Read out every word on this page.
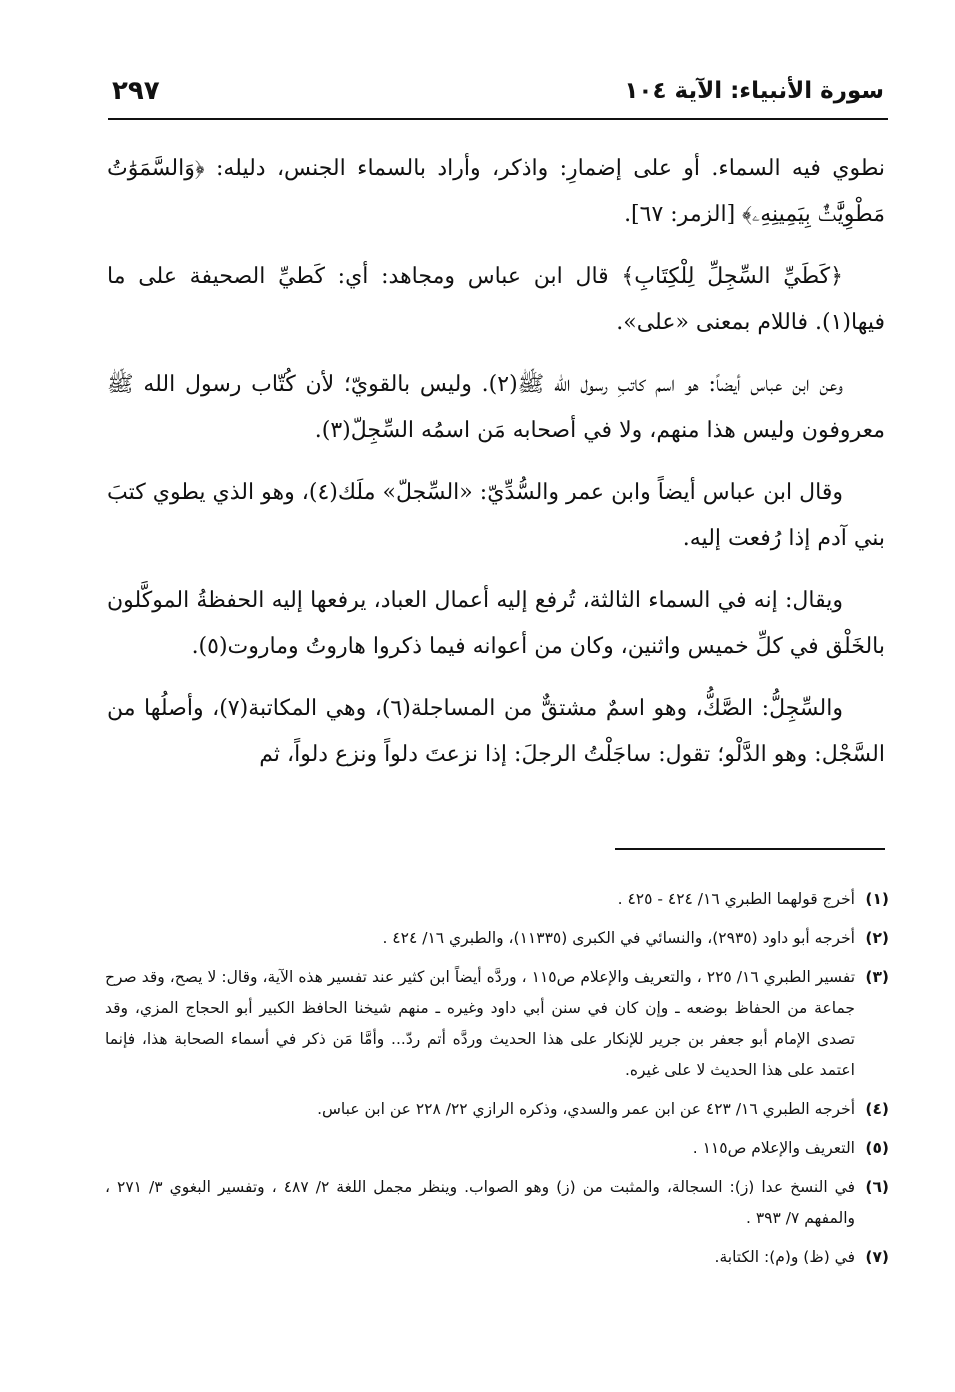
سورة الأنبياء: الآية ١٠٤
٢٩٧

نطوي فيه السماء. أو على إضمارِ: واذكر، وأراد بالسماء الجنس، دليله: ﴿وَالسَّمَوَٰتُ مَطْوِيَّٰتٌۢ بِيَمِينِهِۦ﴾ [الزمر: ٦٧].

﴿كَطَيِّ السِّجِلِّ لِلْكِتَابِ﴾ قال ابن عباس ومجاهد: أي: كَطيِّ الصحيفة على ما فيها(١). فاللام بمعنى «على».

وعن ابن عباس أيضاً: هو اسم كاتبِ رسول الله ﷺ(٢). وليس بالقويّ؛ لأن كُتّاب رسول الله ﷺ معروفون وليس هذا منهم، ولا في أصحابه مَن اسمُه السِّجِلّ(٣).

وقال ابن عباس أيضاً وابن عمر والسُّدِّيّ: «السِّجلّ» ملَك(٤)، وهو الذي يطوي كتبَ بني آدم إذا رُفعت إليه.

ويقال: إنه في السماء الثالثة، تُرفع إليه أعمال العباد، يرفعها إليه الحفظةُ الموكَّلون بالخَلْق في كلِّ خميس واثنين، وكان من أعوانه فيما ذكروا هاروتُ وماروت(٥).

والسِّجِلُّ: الصَّكُّ، وهو اسمٌ مشتقٌّ من المساجلة(٦)، وهي المكاتبة(٧)، وأصلُها من السَّجْل: وهو الدَّلْو؛ تقول: ساجَلْتُ الرجلَ: إذا نزعتَ دلواً ونزع دلواً، ثم

(١)
أخرج قولهما الطبري ١٦/ ٤٢٤ - ٤٢٥ .
(٢)
أخرجه أبو داود (٢٩٣٥)، والنسائي في الكبرى (١١٣٣٥)، والطبري ١٦/ ٤٢٤ .
(٣)
تفسير الطبري ١٦/ ٢٢٥ ، والتعريف والإعلام ص١١٥ ، وردَّه أيضاً ابن كثير عند تفسير هذه الآية، وقال: لا يصح، وقد صرح جماعة من الحفاظ بوضعه ـ وإن كان في سنن أبي داود وغيره ـ منهم شيخنا الحافظ الكبير أبو الحجاج المزي، وقد تصدى الإمام أبو جعفر بن جرير للإنكار على هذا الحديث وردَّه أتم ردّ... وأمَّا مَن ذكر في أسماء الصحابة هذا، فإنما اعتمد على هذا الحديث لا على غيره.
(٤)
أخرجه الطبري ١٦/ ٤٢٣ عن ابن عمر والسدي، وذكره الرازي ٢٢/ ٢٢٨ عن ابن عباس.
(٥)
التعريف والإعلام ص١١٥ .
(٦)
في النسخ عدا (ز): السجالة، والمثبت من (ز) وهو الصواب. وينظر مجمل اللغة ٢/ ٤٨٧ ، وتفسير البغوي ٣/ ٢٧١ ، والمفهم ٧/ ٣٩٣ .
(٧)
في (ظ) و(م): الكتابة.
